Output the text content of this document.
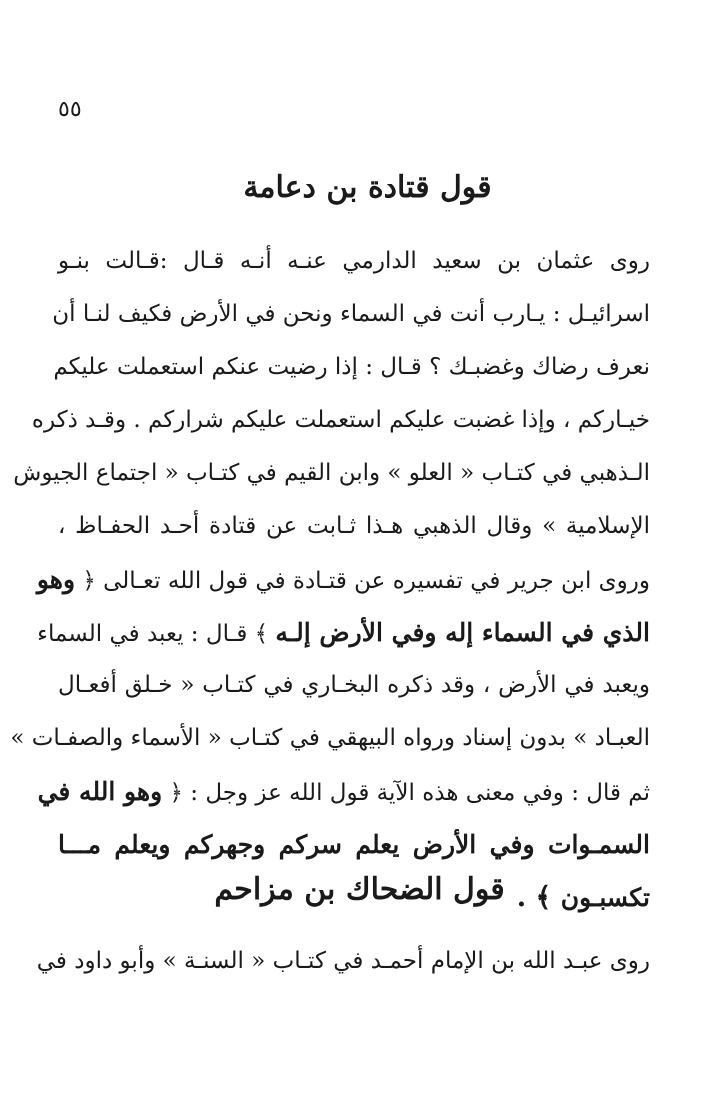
٥٥
قول قتادة بن دعامة
روى عثمان بن سعيد الدارمي عنـه أنـه قـال :قـالت بنـو
اسرائيـل : يـارب أنت في السماء ونحن في الأرض فكيف لنـا أن
نعرف رضاك وغضبـك ؟ قـال : إذا رضيت عنكم استعملت عليكم
خيـاركم ، وإذا غضبت عليكم استعملت عليكم شراركم . وقـد ذكره
الـذهبي في كتـاب « العلو » وابن القيم في كتـاب « اجتماع الجيوش
الإسلامية » وقال الذهبي هـذا ثـابت عن قتادة أحـد الحفـاظ ،
وروى ابن جرير في تفسيره عن قتـادة في قول الله تعـالى ﴿ وهو
الذي في السماء إله وفي الأرض إلـه ﴾ قـال : يعبد في السماء
ويعبد في الأرض ، وقد ذكره البخـاري في كتـاب « خـلق أفعـال
العبـاد » بدون إسناد ورواه البيهقي في كتـاب « الأسماء والصفـات »
ثم قال : وفي معنى هذه الآية قول الله عز وجل : ﴿ وهو الله في
السمـوات وفي الأرض يعلم سركم وجهركم ويعلم مـــا
تكسبـون ﴾ .
قول الضحاك بن مزاحم
روى عبـد الله بن الإمام أحمـد في كتـاب « السنـة » وأبو داود في
